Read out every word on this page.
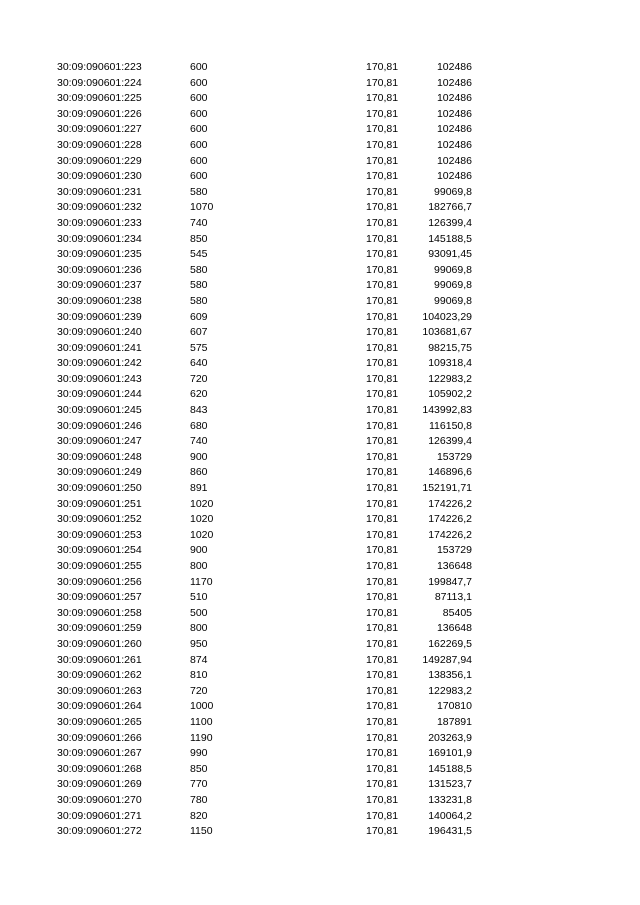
30:09:090601:223	600	170,81	102486
30:09:090601:224	600	170,81	102486
30:09:090601:225	600	170,81	102486
30:09:090601:226	600	170,81	102486
30:09:090601:227	600	170,81	102486
30:09:090601:228	600	170,81	102486
30:09:090601:229	600	170,81	102486
30:09:090601:230	600	170,81	102486
30:09:090601:231	580	170,81	99069,8
30:09:090601:232	1070	170,81	182766,7
30:09:090601:233	740	170,81	126399,4
30:09:090601:234	850	170,81	145188,5
30:09:090601:235	545	170,81	93091,45
30:09:090601:236	580	170,81	99069,8
30:09:090601:237	580	170,81	99069,8
30:09:090601:238	580	170,81	99069,8
30:09:090601:239	609	170,81	104023,29
30:09:090601:240	607	170,81	103681,67
30:09:090601:241	575	170,81	98215,75
30:09:090601:242	640	170,81	109318,4
30:09:090601:243	720	170,81	122983,2
30:09:090601:244	620	170,81	105902,2
30:09:090601:245	843	170,81	143992,83
30:09:090601:246	680	170,81	116150,8
30:09:090601:247	740	170,81	126399,4
30:09:090601:248	900	170,81	153729
30:09:090601:249	860	170,81	146896,6
30:09:090601:250	891	170,81	152191,71
30:09:090601:251	1020	170,81	174226,2
30:09:090601:252	1020	170,81	174226,2
30:09:090601:253	1020	170,81	174226,2
30:09:090601:254	900	170,81	153729
30:09:090601:255	800	170,81	136648
30:09:090601:256	1170	170,81	199847,7
30:09:090601:257	510	170,81	87113,1
30:09:090601:258	500	170,81	85405
30:09:090601:259	800	170,81	136648
30:09:090601:260	950	170,81	162269,5
30:09:090601:261	874	170,81	149287,94
30:09:090601:262	810	170,81	138356,1
30:09:090601:263	720	170,81	122983,2
30:09:090601:264	1000	170,81	170810
30:09:090601:265	1100	170,81	187891
30:09:090601:266	1190	170,81	203263,9
30:09:090601:267	990	170,81	169101,9
30:09:090601:268	850	170,81	145188,5
30:09:090601:269	770	170,81	131523,7
30:09:090601:270	780	170,81	133231,8
30:09:090601:271	820	170,81	140064,2
30:09:090601:272	1150	170,81	196431,5
